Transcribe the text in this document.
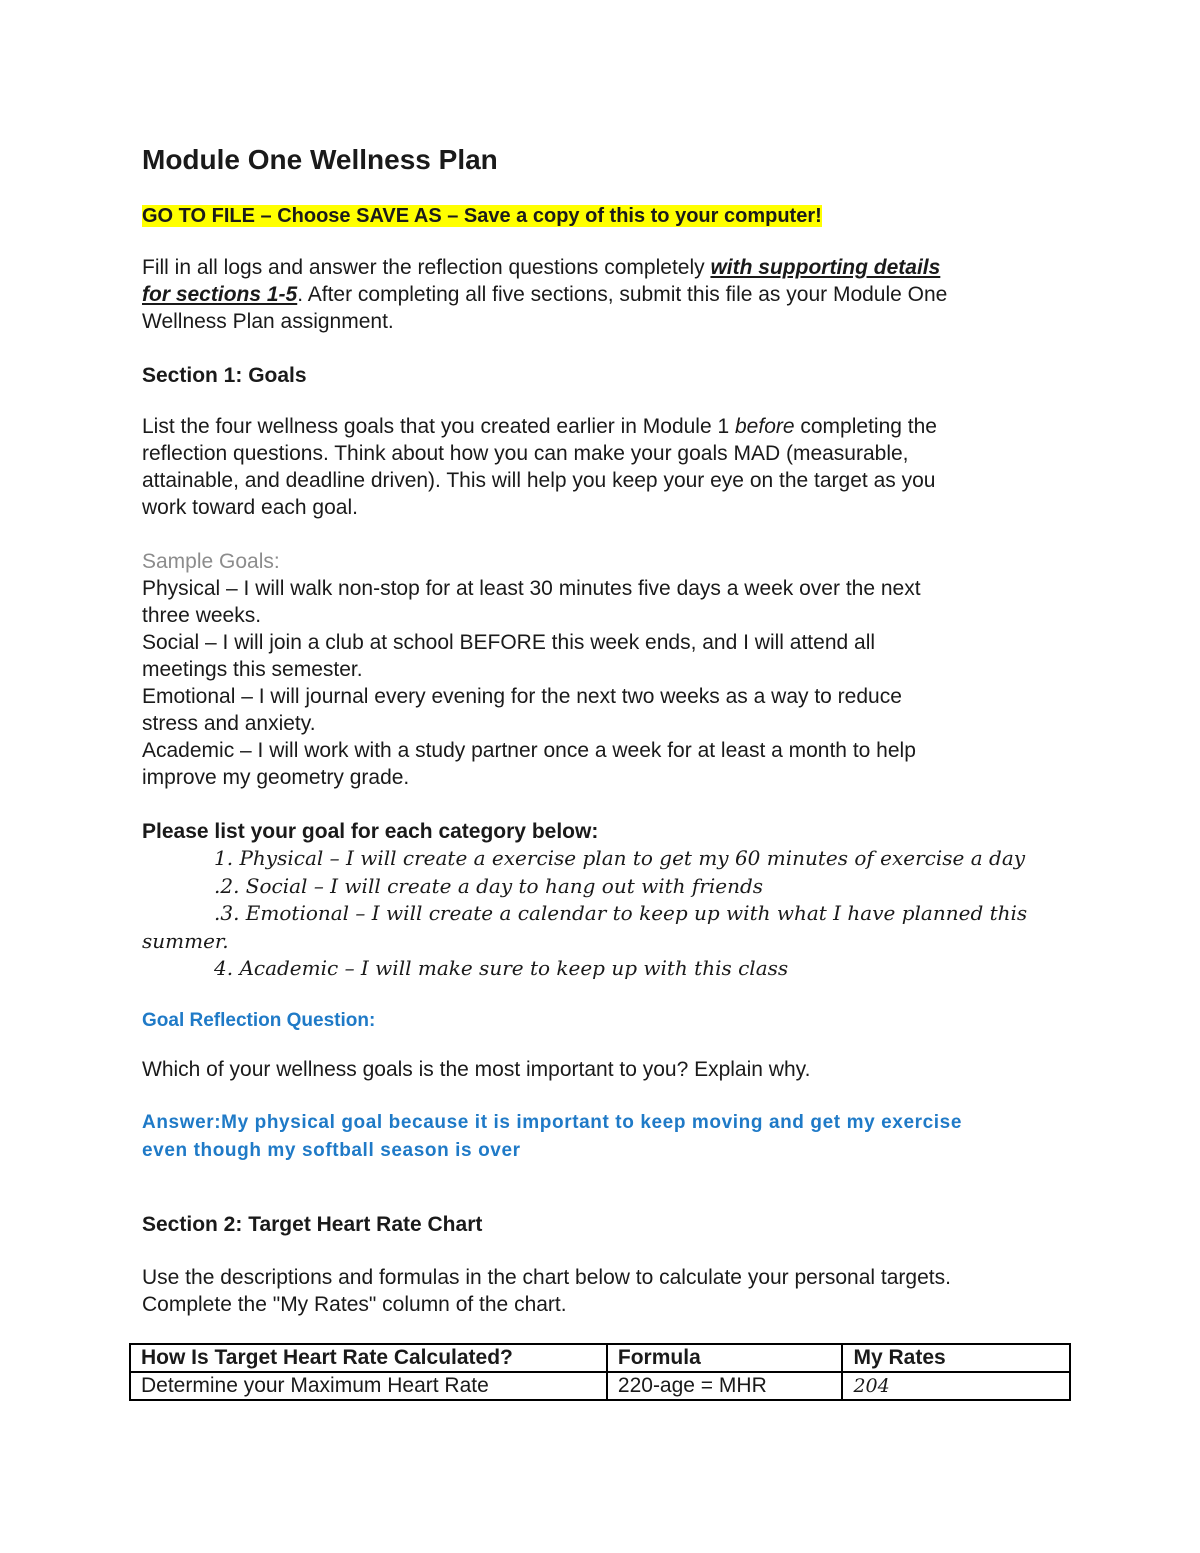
Module One Wellness Plan
GO TO FILE – Choose SAVE AS – Save a copy of this to your computer!

Fill in all logs and answer the reflection questions completely with supporting details
for sections 1-5. After completing all five sections, submit this file as your Module One
Wellness Plan assignment.

Section 1: Goals

List the four wellness goals that you created earlier in Module 1 before completing the
reflection questions. Think about how you can make your goals MAD (measurable,
attainable, and deadline driven). This will help you keep your eye on the target as you
work toward each goal.

Sample Goals:

Physical – I will walk non-stop for at least 30 minutes five days a week over the next
three weeks.
Social – I will join a club at school BEFORE this week ends, and I will attend all
meetings this semester.
Emotional – I will journal every evening for the next two weeks as a way to reduce
stress and anxiety.
Academic – I will work with a study partner once a week for at least a month to help
improve my geometry grade.

Please list your goal for each category below:

1. Physical – I will create a exercise plan to get my 60 minutes of exercise a day
.2. Social – I will create a day to hang out with friends
.3. Emotional – I will create a calendar to keep up with what I have planned this
summer.
4. Academic – I will make sure to keep up with this class

Goal Reflection Question:

Which of your wellness goals is the most important to you? Explain why.

Answer:My physical goal because it is important to keep moving and get my exercise
even though my softball season is over

Section 2: Target Heart Rate Chart

Use the descriptions and formulas in the chart below to calculate your personal targets.
Complete the "My Rates" column of the chart.

How Is Target Heart Rate Calculated?	Formula	My Rates
Determine your Maximum Heart Rate	220-age = MHR	204
